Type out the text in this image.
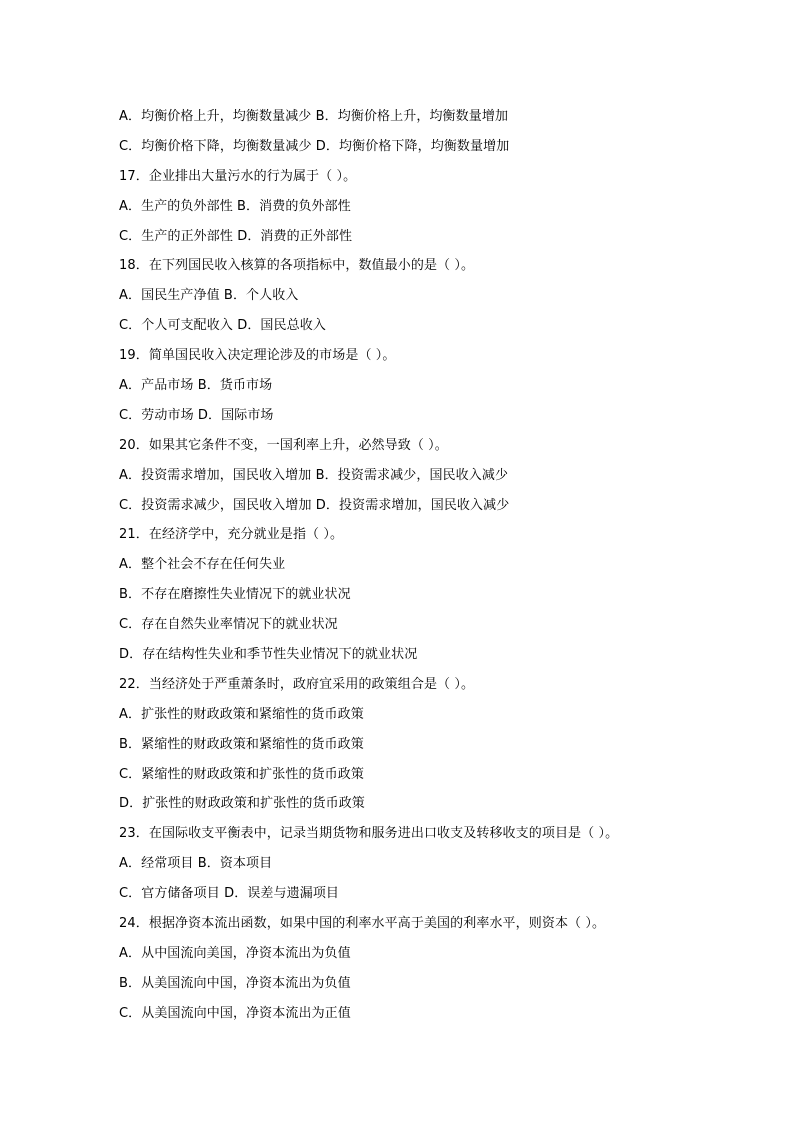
A．均衡价格上升，均衡数量减少 B．均衡价格上升，均衡数量增加
C．均衡价格下降，均衡数量减少 D．均衡价格下降，均衡数量增加
17．企业排出大量污水的行为属于（ ）。
A．生产的负外部性 B．消费的负外部性
C．生产的正外部性 D．消费的正外部性
18．在下列国民收入核算的各项指标中，数值最小的是（ ）。
A．国民生产净值 B．个人收入
C．个人可支配收入 D．国民总收入
19．简单国民收入决定理论涉及的市场是（ ）。
A．产品市场 B．货币市场
C．劳动市场 D．国际市场
20．如果其它条件不变，一国利率上升，必然导致（ ）。
A．投资需求增加，国民收入增加 B．投资需求减少，国民收入减少
C．投资需求减少，国民收入增加 D．投资需求增加，国民收入减少
21．在经济学中，充分就业是指（ ）。
A．整个社会不存在任何失业
B．不存在磨擦性失业情况下的就业状况
C．存在自然失业率情况下的就业状况
D．存在结构性失业和季节性失业情况下的就业状况
22．当经济处于严重萧条时，政府宜采用的政策组合是（ ）。
A．扩张性的财政政策和紧缩性的货币政策
B．紧缩性的财政政策和紧缩性的货币政策
C．紧缩性的财政政策和扩张性的货币政策
D．扩张性的财政政策和扩张性的货币政策
23．在国际收支平衡表中，记录当期货物和服务进出口收支及转移收支的项目是（ ）。
A．经常项目 B．资本项目
C．官方储备项目 D．误差与遗漏项目
24．根据净资本流出函数，如果中国的利率水平高于美国的利率水平，则资本（ ）。
A．从中国流向美国，净资本流出为负值
B．从美国流向中国，净资本流出为负值
C．从美国流向中国，净资本流出为正值
